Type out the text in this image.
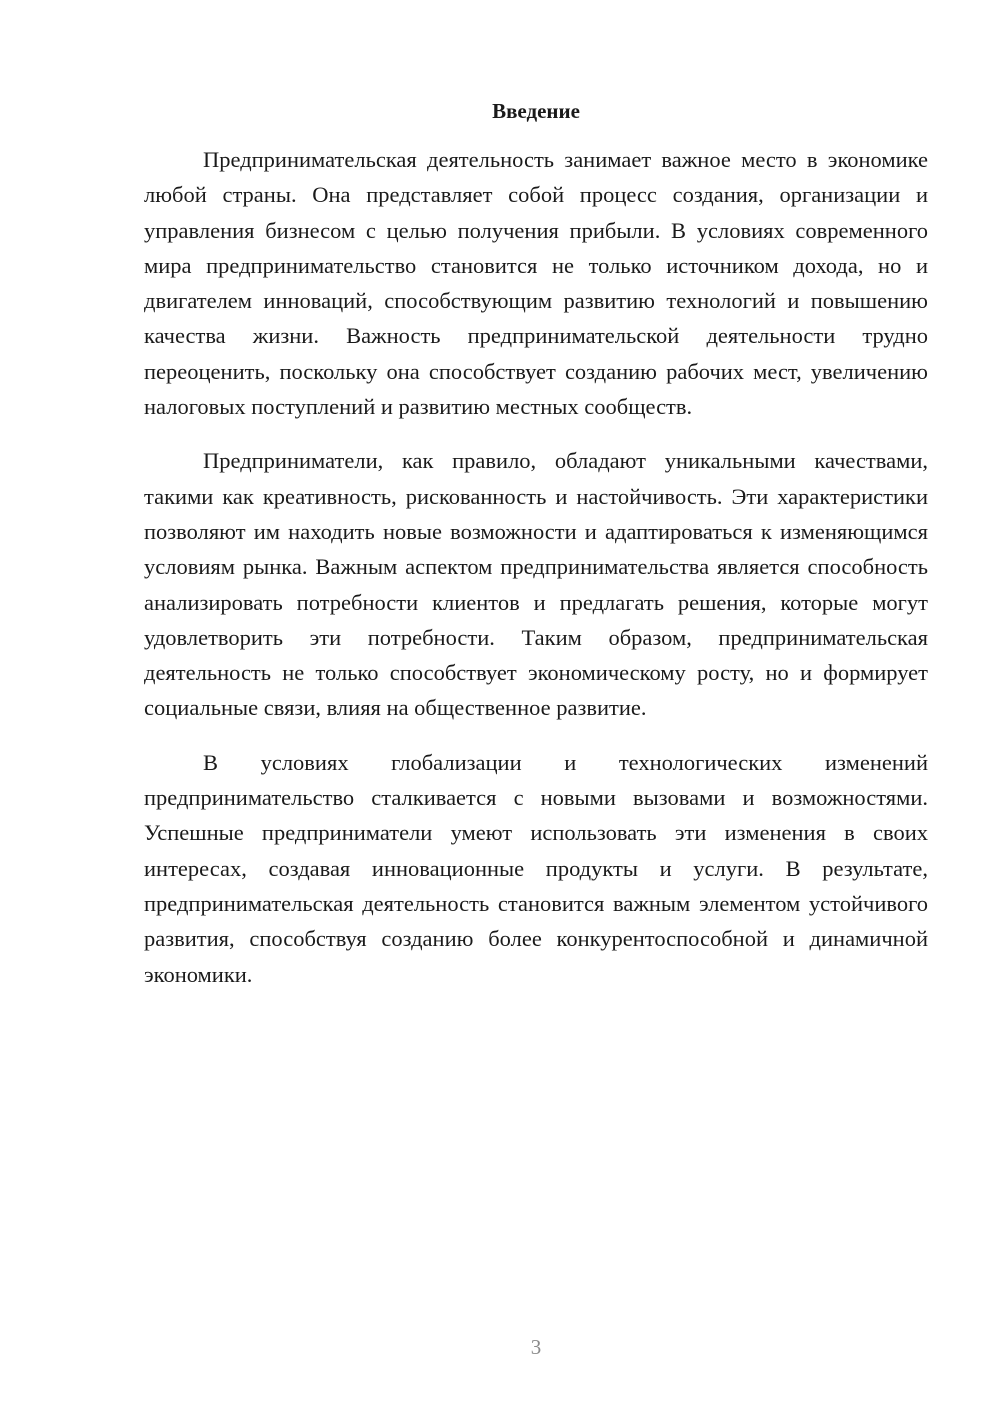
Введение

Предпринимательская деятельность занимает важное место в экономике любой страны. Она представляет собой процесс создания, организации и управления бизнесом с целью получения прибыли. В условиях современного мира предпринимательство становится не только источником дохода, но и двигателем инноваций, способствующим развитию технологий и повышению качества жизни. Важность предпринимательской деятельности трудно переоценить, поскольку она способствует созданию рабочих мест, увеличению налоговых поступлений и развитию местных сообществ.

Предприниматели, как правило, обладают уникальными качествами, такими как креативность, рискованность и настойчивость. Эти характеристики позволяют им находить новые возможности и адаптироваться к изменяющимся условиям рынка. Важным аспектом предпринимательства является способность анализировать потребности клиентов и предлагать решения, которые могут удовлетворить эти потребности. Таким образом, предпринимательская деятельность не только способствует экономическому росту, но и формирует социальные связи, влияя на общественное развитие.

В условиях глобализации и технологических изменений предпринимательство сталкивается с новыми вызовами и возможностями. Успешные предприниматели умеют использовать эти изменения в своих интересах, создавая инновационные продукты и услуги. В результате, предпринимательская деятельность становится важным элементом устойчивого развития, способствуя созданию более конкурентоспособной и динамичной экономики.

3
